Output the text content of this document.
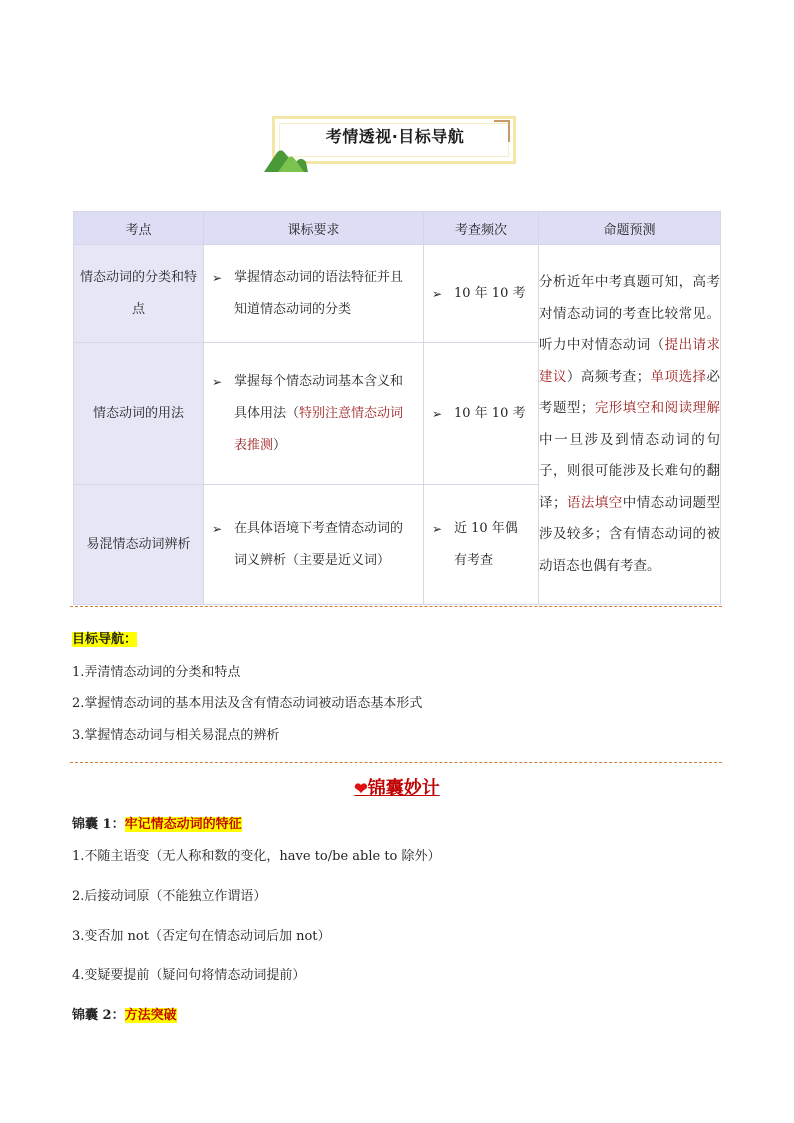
考情透视·目标导航
考点	课标要求	考查频次	命题预测
情态动词的分类和特点	➢ 掌握情态动词的语法特征并且知道情态动词的分类	➢ 10 年 10 考	分析近年中考真题可知，高考对情态动词的考查比较常见。听力中对情态动词（提出请求建议）高频考查；单项选择必考题型；完形填空和阅读理解中一旦涉及到情态动词的句子，则很可能涉及长难句的翻译；语法填空中情态动词题型涉及较多；含有情态动词的被动语态也偶有考查。
情态动词的用法	➢ 掌握每个情态动词基本含义和具体用法（特别注意情态动词表推测）	➢ 10 年 10 考	

易混情态动词辨析	➢ 在具体语境下考查情态动词的词义辨析（主要是近义词）	➢ 近 10 年偶有考查	
目标导航：
1.弄清情态动词的分类和特点
2.掌握情态动词的基本用法及含有情态动词被动语态基本形式
3.掌握情态动词与相关易混点的辨析
❤锦囊妙计
锦囊 1：牢记情态动词的特征
1.不随主语变（无人称和数的变化，have to/be able to 除外）
2.后接动词原（不能独立作谓语）
3.变否加 not（否定句在情态动词后加 not）
4.变疑要提前（疑问句将情态动词提前）
锦囊 2：方法突破
